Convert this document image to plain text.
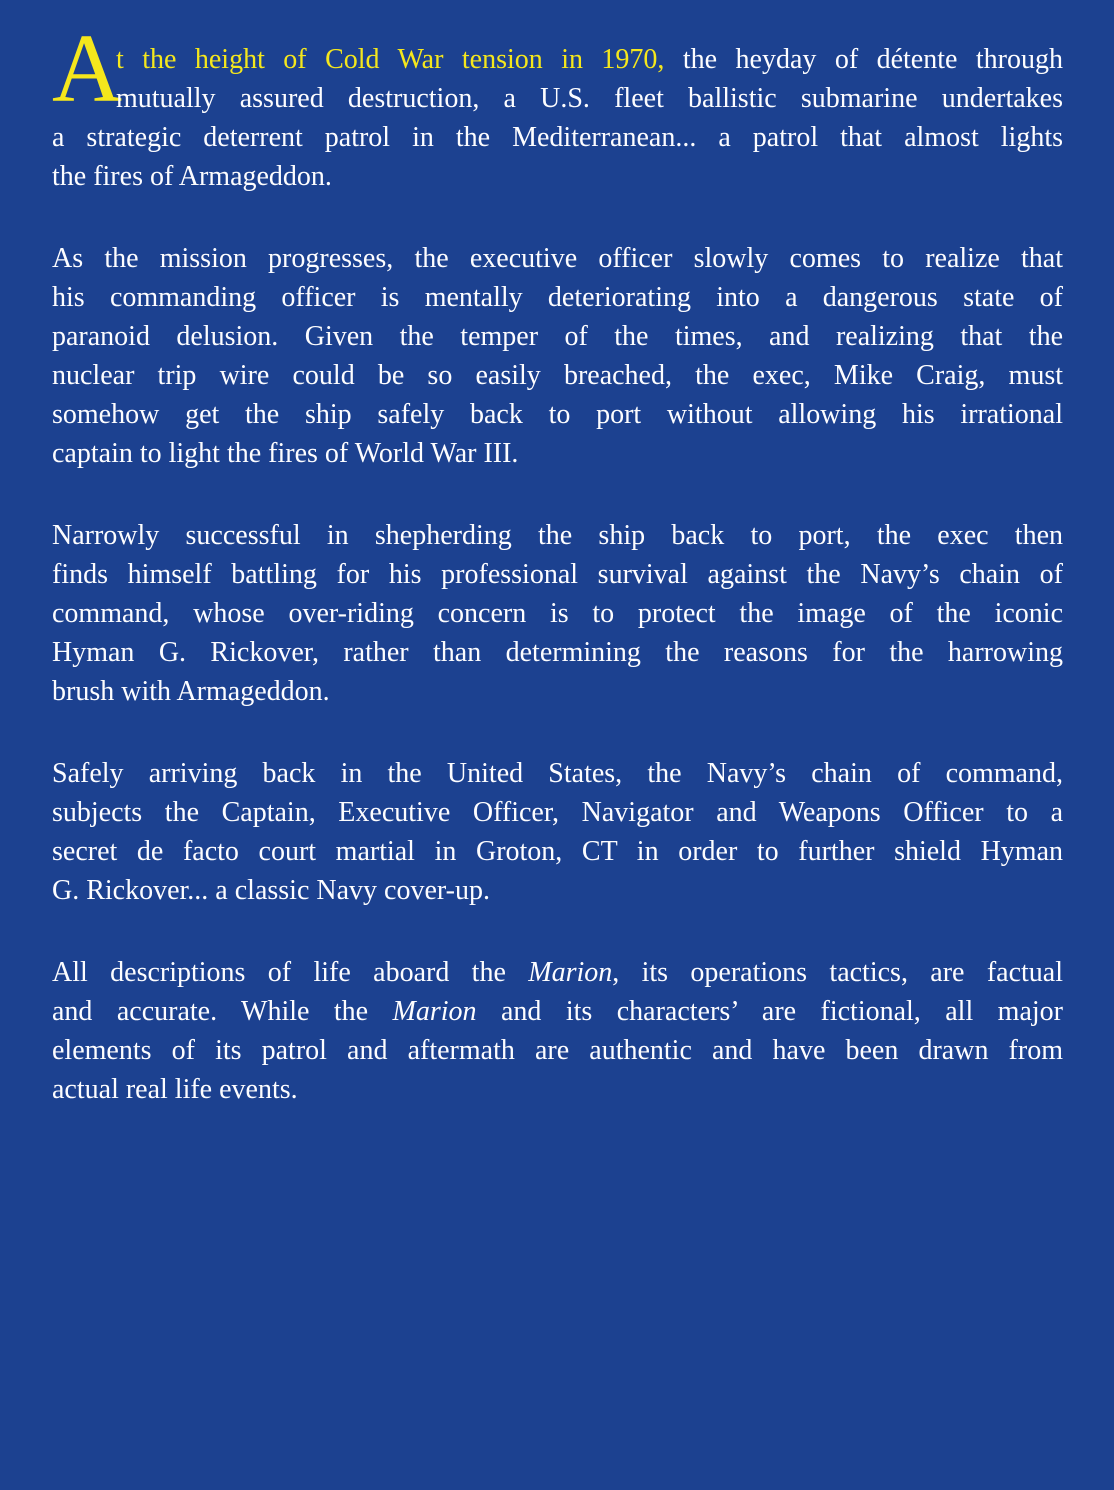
A
t the height of Cold War tension in 1970, the heyday of détente through
mutually assured destruction, a U.S. fleet ballistic submarine undertakes
a strategic deterrent patrol in the Mediterranean... a patrol that almost lights
the fires of Armageddon.
As the mission progresses, the executive officer slowly comes to realize that
his commanding officer is mentally deteriorating into a dangerous state of
paranoid delusion. Given the temper of the times, and realizing that the
nuclear trip wire could be so easily breached, the exec, Mike Craig, must
somehow get the ship safely back to port without allowing his irrational
captain to light the fires of World War III.
Narrowly successful in shepherding the ship back to port, the exec then
finds himself battling for his professional survival against the Navy’s chain of
command, whose over-riding concern is to protect the image of the iconic
Hyman G. Rickover, rather than determining the reasons for the harrowing
brush with Armageddon.
Safely arriving back in the United States, the Navy’s chain of command,
subjects the Captain, Executive Officer, Navigator and Weapons Officer to a
secret de facto court martial in Groton, CT in order to further shield Hyman
G. Rickover... a classic Navy cover-up.
All descriptions of life aboard the Marion, its operations tactics, are factual
and accurate. While the Marion and its characters’ are fictional, all major
elements of its patrol and aftermath are authentic and have been drawn from
actual real life events.
